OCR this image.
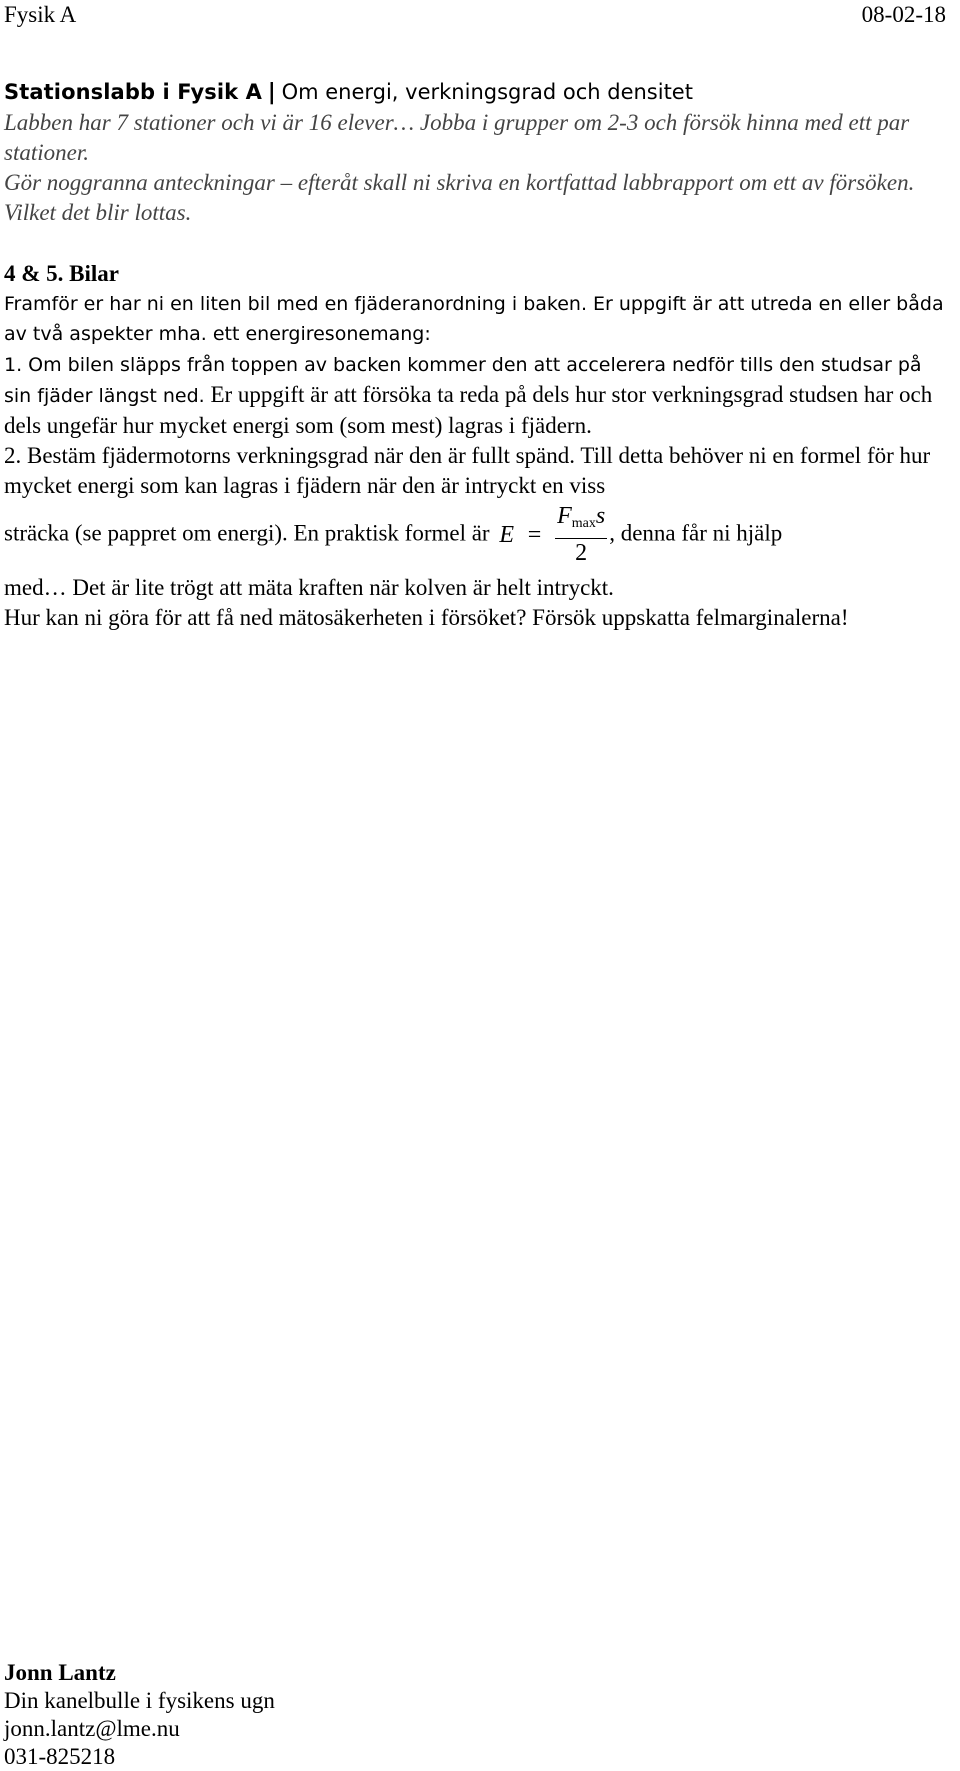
Fysik A	08-02-18
Stationslabb i Fysik A | Om energi, verkningsgrad och densitet

Labben har 7 stationer och vi är 16 elever… Jobba i grupper om 2-3 och försök hinna med ett par stationer.

Gör noggranna anteckningar – efteråt skall ni skriva en kortfattad labbrapport om ett av försöken. Vilket det blir lottas.

4 & 5. Bilar

Framför er har ni en liten bil med en fjäderanordning i baken. Er uppgift är att utreda en eller båda av två aspekter mha. ett energiresonemang:

1. Om bilen släpps från toppen av backen kommer den att accelerera nedför tills den studsar på sin fjäder längst ned. Er uppgift är att försöka ta reda på dels hur stor verkningsgrad studsen har och dels ungefär hur mycket energi som (som mest) lagras i fjädern.

2. Bestäm fjädermotorns verkningsgrad när den är fullt spänd. Till detta behöver ni en formel för hur mycket energi som kan lagras i fjädern när den är intryckt en viss

sträcka (se pappret om energi). En praktisk formel är $E = \frac{F_{max}s}{2}$ , denna får ni hjälp

med… Det är lite trögt att mäta kraften när kolven är helt intryckt.

Hur kan ni göra för att få ned mätosäkerheten i försöket? Försök uppskatta felmarginalerna!

Jonn Lantz
Din kanelbulle i fysikens ugn
jonn.lantz@lme.nu
031-825218
